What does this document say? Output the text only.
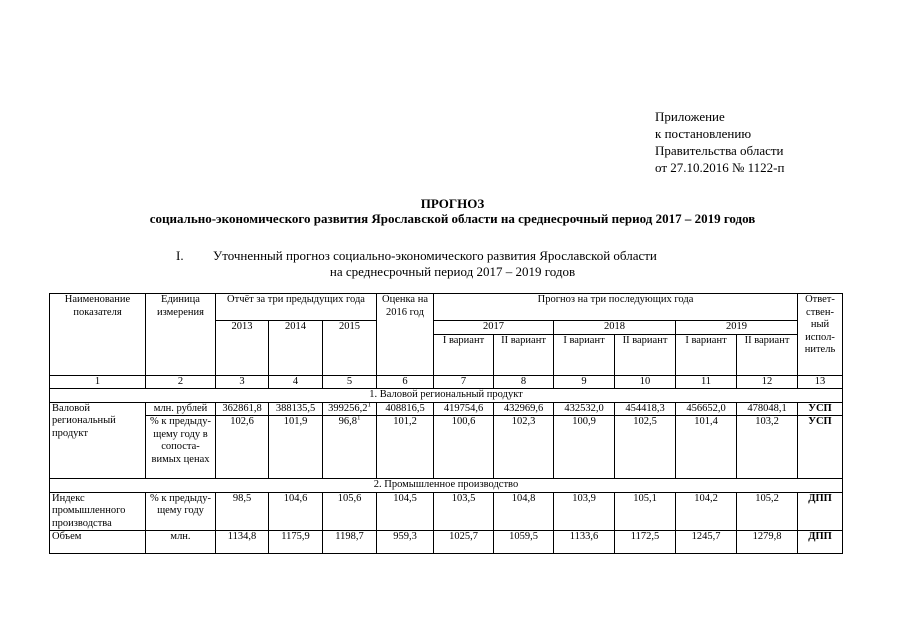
Приложение
к постановлению
Правительства области
от 27.10.2016 № 1122-п
ПРОГНОЗ
социально-экономического развития Ярославской области на среднесрочный период 2017 – 2019 годов
I. Уточненный прогноз социально-экономического развития Ярославской области
на среднесрочный период 2017 – 2019 годов
Наименование показателя	Единица измерения	Отчёт за три предыдущих года			Оценка на 2016 год	Прогноз на три последующих года						Ответ-ствен-ный испол-нитель
		2013	2014	2015		2017		2018		2019		
						I вариант	II вариант	I вариант	II вариант	I вариант	II вариант	
1	2	3	4	5	6	7	8	9	10	11	12	13
1. Валовой региональный продукт												
Валовой региональный продукт	млн. рублей	362861,8	388135,5	399256,2$^1$	408816,5	419754,6	432969,6	432532,0	454418,3	456652,0	478048,1	УСП
	% к предыду-щему году в сопоста-вимых ценах	102,6	101,9	96,8$^1$	101,2	100,6	102,3	100,9	102,5	101,4	103,2	УСП
2. Промышленное производство												
Индекс промышленного производства	% к предыду-щему году	98,5	104,6	105,6	104,5	103,5	104,8	103,9	105,1	104,2	105,2	ДПП
Объем	млн.	1134,8	1175,9	1198,7	959,3	1025,7	1059,5	1133,6	1172,5	1245,7	1279,8	ДПП
